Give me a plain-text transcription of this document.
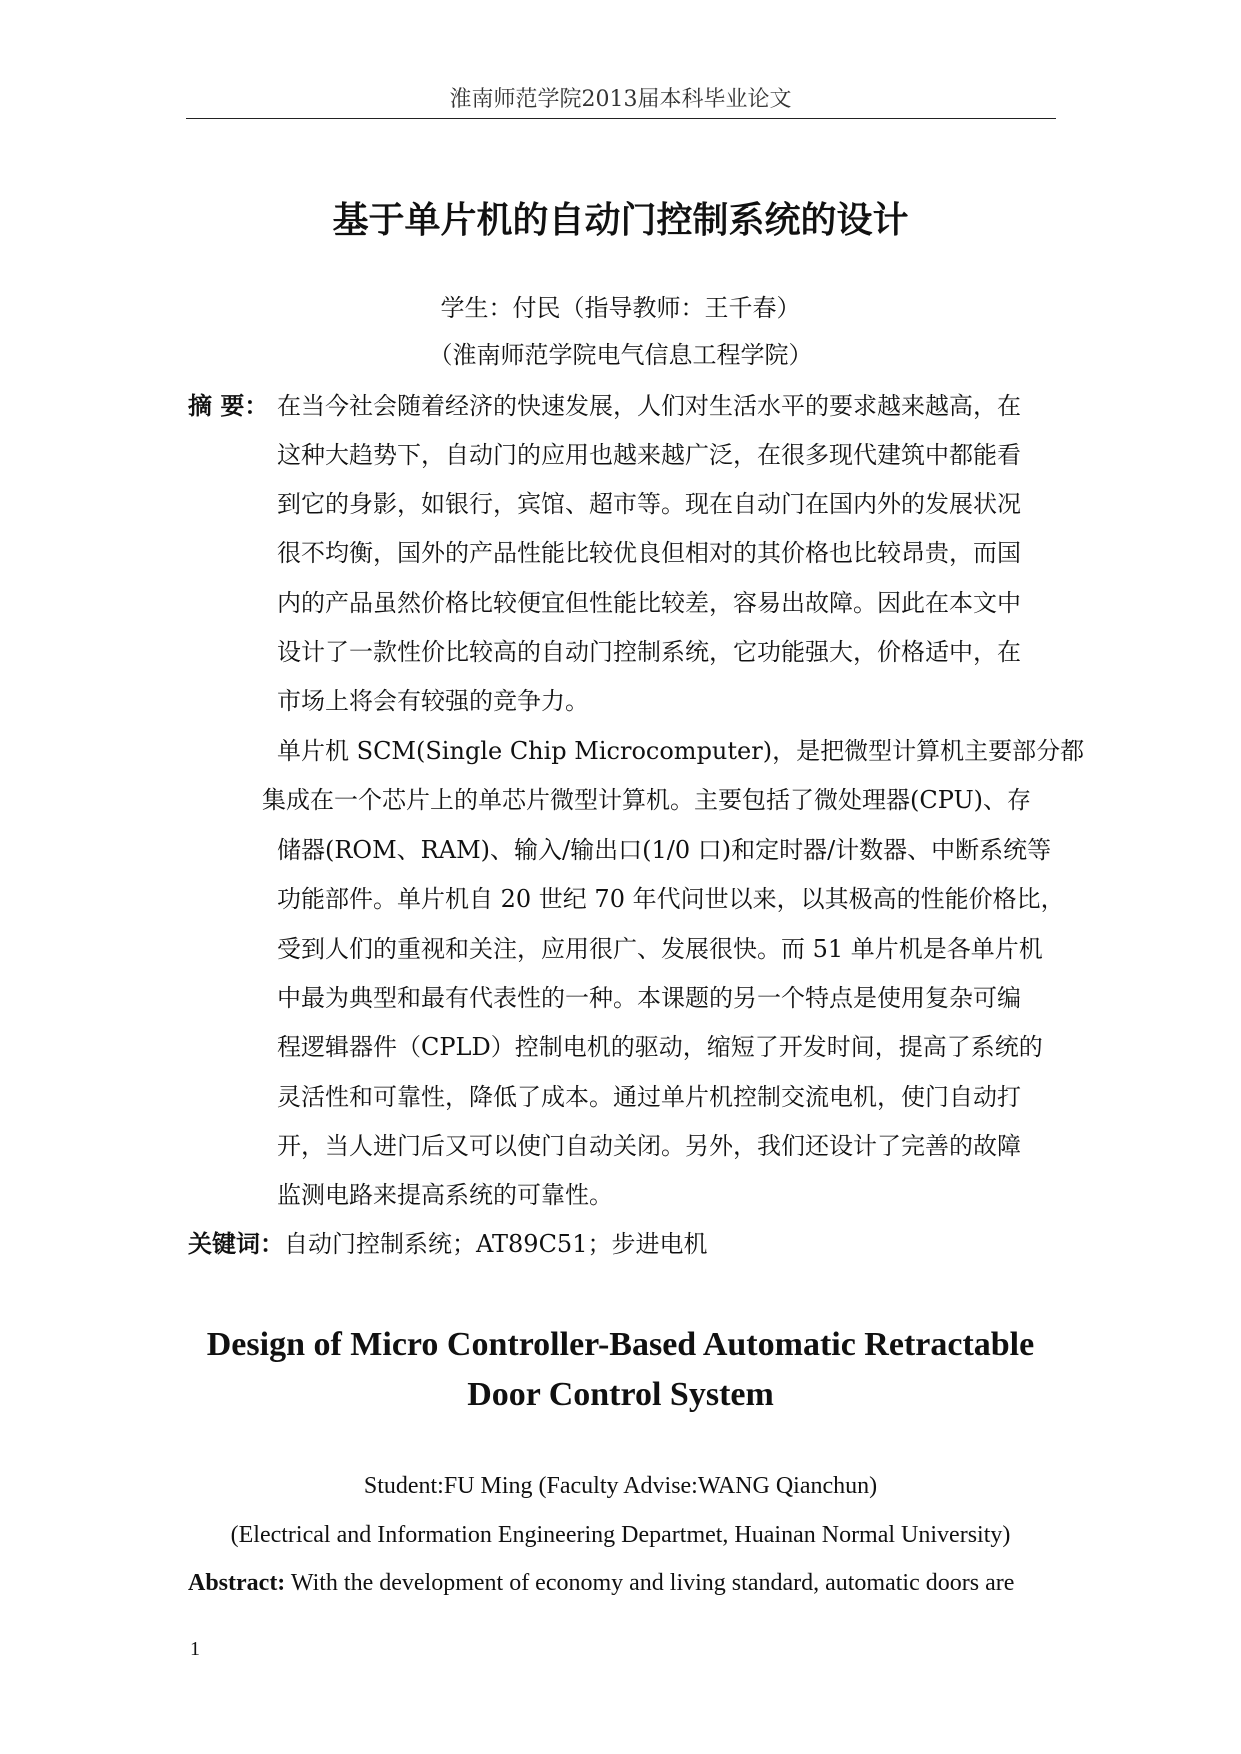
淮南师范学院2013届本科毕业论文
基于单片机的自动门控制系统的设计
学生：付民（指导教师：王千春）
（淮南师范学院电气信息工程学院）
摘 要： 在当今社会随着经济的快速发展，人们对生活水平的要求越来越高，在
这种大趋势下，自动门的应用也越来越广泛，在很多现代建筑中都能看
到它的身影，如银行，宾馆、超市等。现在自动门在国内外的发展状况
很不均衡，国外的产品性能比较优良但相对的其价格也比较昂贵，而国
内的产品虽然价格比较便宜但性能比较差，容易出故障。因此在本文中
设计了一款性价比较高的自动门控制系统，它功能强大，价格适中，在
市场上将会有较强的竞争力。
单片机 SCM(Single Chip Microcomputer)，是把微型计算机主要部分都
集成在一个芯片上的单芯片微型计算机。主要包括了微处理器(CPU)、存
储器(ROM、RAM)、输入/输出口(1/0 口)和定时器/计数器、中断系统等
功能部件。单片机自 20 世纪 70 年代问世以来，以其极高的性能价格比，
受到人们的重视和关注，应用很广、发展很快。而 51 单片机是各单片机
中最为典型和最有代表性的一种。本课题的另一个特点是使用复杂可编
程逻辑器件（CPLD）控制电机的驱动，缩短了开发时间，提高了系统的
灵活性和可靠性，降低了成本。通过单片机控制交流电机，使门自动打
开，当人进门后又可以使门自动关闭。另外，我们还设计了完善的故障
监测电路来提高系统的可靠性。
关键词：自动门控制系统；AT89C51；步进电机
Design of Micro Controller-Based Automatic Retractable
Door Control System
Student:FU Ming (Faculty Advise:WANG Qianchun)
(Electrical and Information Engineering Departmet, Huainan Normal University)
Abstract: With the development of economy and living standard, automatic doors are
1
